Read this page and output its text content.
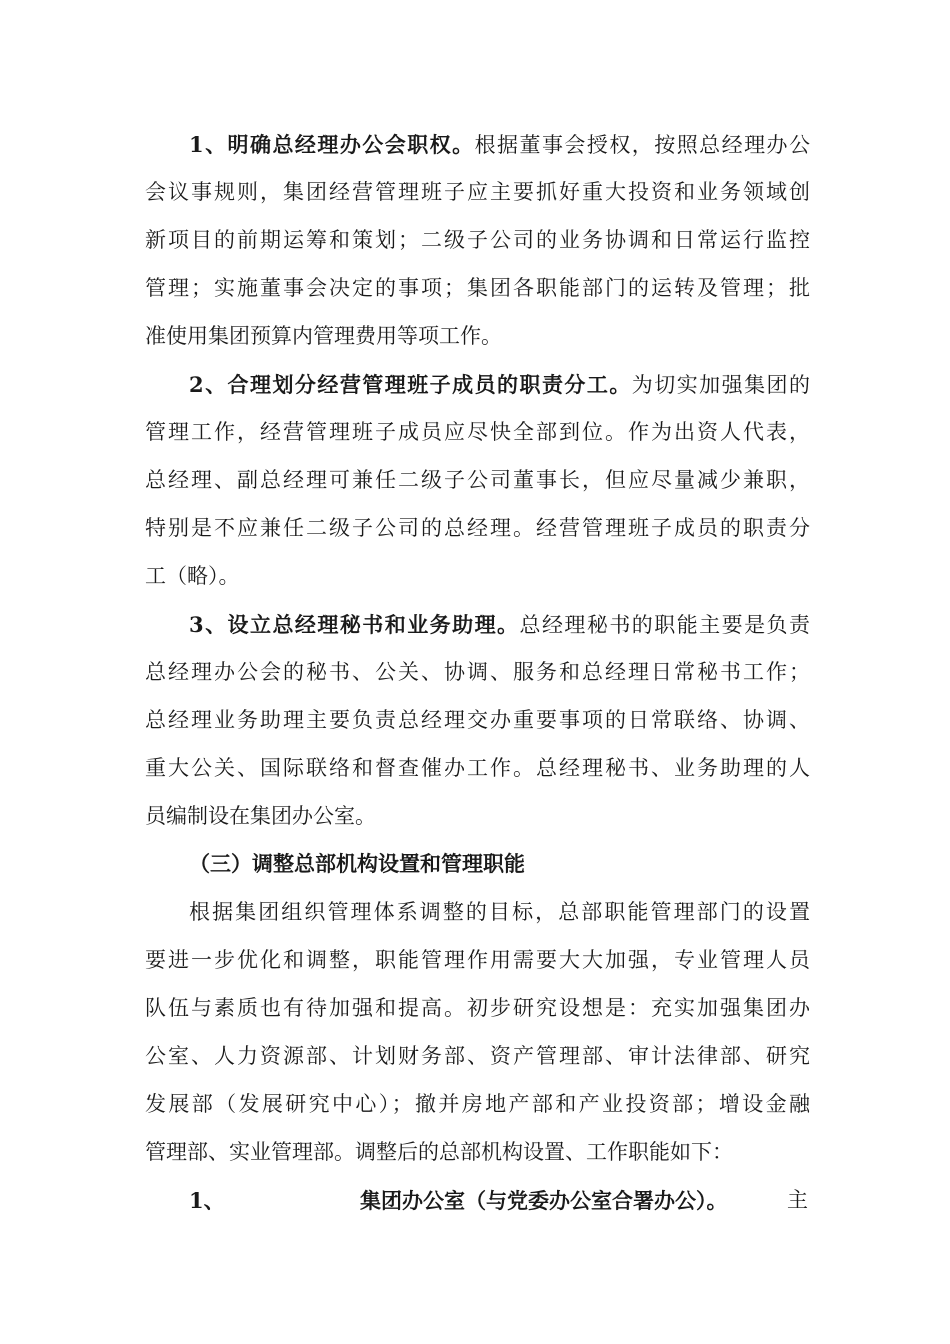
1、明确总经理办公会职权。根据董事会授权，按照总经理办公
会议事规则，集团经营管理班子应主要抓好重大投资和业务领域创
新项目的前期运筹和策划；二级子公司的业务协调和日常运行监控
管理；实施董事会决定的事项；集团各职能部门的运转及管理；批
准使用集团预算内管理费用等项工作。
2、合理划分经营管理班子成员的职责分工。为切实加强集团的
管理工作，经营管理班子成员应尽快全部到位。作为出资人代表，
总经理、副总经理可兼任二级子公司董事长，但应尽量减少兼职，
特别是不应兼任二级子公司的总经理。经营管理班子成员的职责分
工（略）。
3、设立总经理秘书和业务助理。总经理秘书的职能主要是负责
总经理办公会的秘书、公关、协调、服务和总经理日常秘书工作；
总经理业务助理主要负责总经理交办重要事项的日常联络、协调、
重大公关、国际联络和督查催办工作。总经理秘书、业务助理的人
员编制设在集团办公室。
（三）调整总部机构设置和管理职能
根据集团组织管理体系调整的目标，总部职能管理部门的设置
要进一步优化和调整，职能管理作用需要大大加强，专业管理人员
队伍与素质也有待加强和提高。初步研究设想是：充实加强集团办
公室、人力资源部、计划财务部、资产管理部、审计法律部、研究
发展部（发展研究中心）；撤并房地产部和产业投资部；增设金融
管理部、实业管理部。调整后的总部机构设置、工作职能如下：
1、	集团办公室（与党委办公室合署办公）。	主
